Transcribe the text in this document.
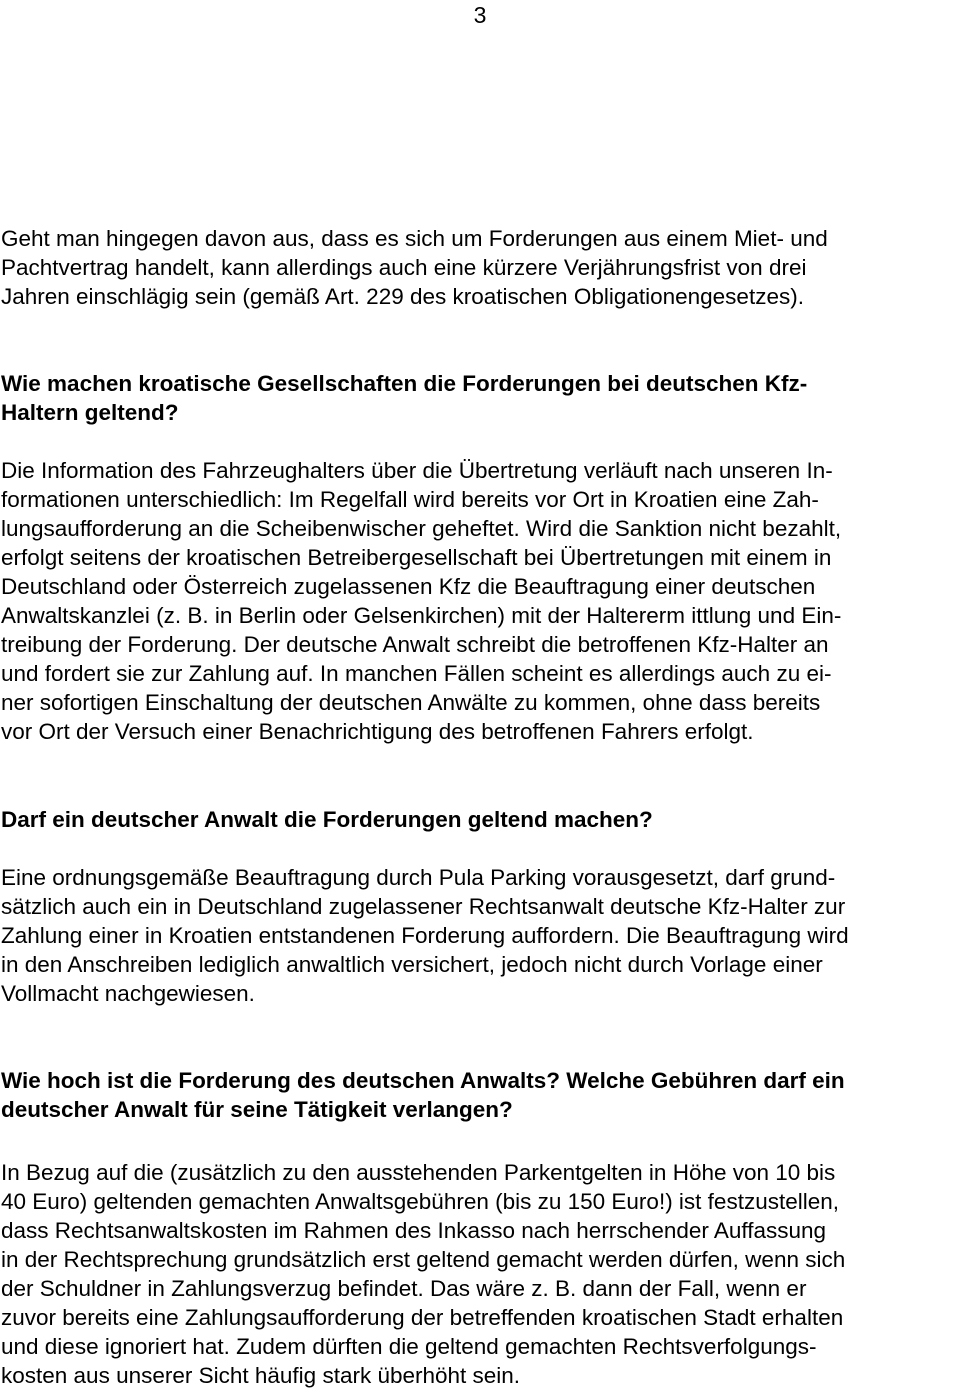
3
Geht man hingegen davon aus, dass es sich um Forderungen aus einem Miet- und
Pachtvertrag handelt, kann allerdings auch eine kürzere Verjährungsfrist von drei
Jahren einschlägig sein (gemäß Art. 229 des kroatischen Obligationengesetzes).
Wie machen kroatische Gesellschaften die Forderungen bei deutschen Kfz-
Haltern geltend?
Die Information des Fahrzeughalters über die Übertretung verläuft nach unseren In-
formationen unterschiedlich: Im Regelfall wird bereits vor Ort in Kroatien eine Zah-
lungsaufforderung an die Scheibenwischer geheftet. Wird die Sanktion nicht bezahlt,
erfolgt seitens der kroatischen Betreibergesellschaft bei Übertretungen mit einem in
Deutschland oder Österreich zugelassenen Kfz die Beauftragung einer deutschen
Anwaltskanzlei (z. B. in Berlin oder Gelsenkirchen) mit der Haltererm ittlung und Ein-
treibung der Forderung. Der deutsche Anwalt schreibt die betroffenen Kfz-Halter an
und fordert sie zur Zahlung auf. In manchen Fällen scheint es allerdings auch zu ei-
ner sofortigen Einschaltung der deutschen Anwälte zu kommen, ohne dass bereits
vor Ort der Versuch einer Benachrichtigung des betroffenen Fahrers erfolgt.
Darf ein deutscher Anwalt die Forderungen geltend machen?
Eine ordnungsgemäße Beauftragung durch Pula Parking vorausgesetzt, darf grund-
sätzlich auch ein in Deutschland zugelassener Rechtsanwalt deutsche Kfz-Halter zur
Zahlung einer in Kroatien entstandenen Forderung auffordern. Die Beauftragung wird
in den Anschreiben lediglich anwaltlich versichert, jedoch nicht durch Vorlage einer
Vollmacht nachgewiesen.
Wie hoch ist die Forderung des deutschen Anwalts? Welche Gebühren darf ein
deutscher Anwalt für seine Tätigkeit verlangen?
In Bezug auf die (zusätzlich zu den ausstehenden Parkentgelten in Höhe von 10 bis
40 Euro) geltenden gemachten Anwaltsgebühren (bis zu 150 Euro!) ist festzustellen,
dass Rechtsanwaltskosten im Rahmen des Inkasso nach herrschender Auffassung
in der Rechtsprechung grundsätzlich erst geltend gemacht werden dürfen, wenn sich
der Schuldner in Zahlungsverzug befindet. Das wäre z. B. dann der Fall, wenn er
zuvor bereits eine Zahlungsaufforderung der betreffenden kroatischen Stadt erhalten
und diese ignoriert hat. Zudem dürften die geltend gemachten Rechtsverfolgungs-
kosten aus unserer Sicht häufig stark überhöht sein.
